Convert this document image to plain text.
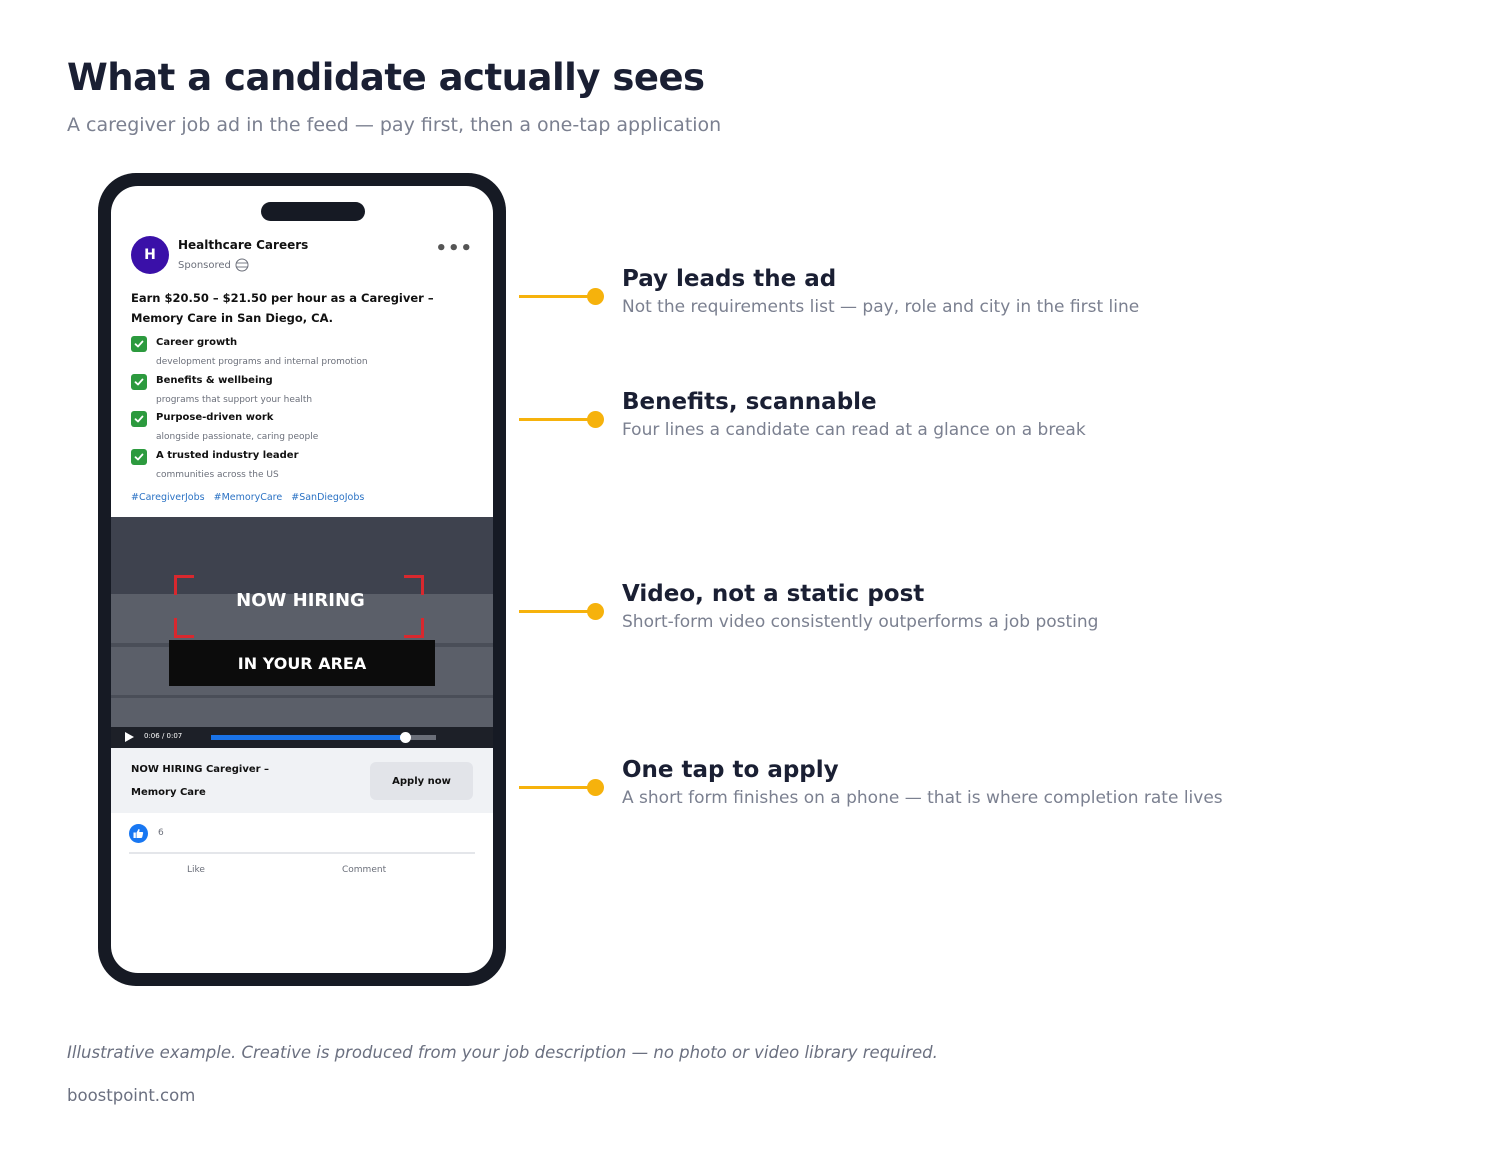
What a candidate actually sees
A caregiver job ad in the feed — pay first, then a one-tap application
H
Healthcare Careers
Sponsored
•••
Earn $20.50 – $21.50 per hour as a Caregiver – Memory Care in San Diego, CA.
Career growth
development programs and internal promotion
Benefits & wellbeing
programs that support your health
Purpose-driven work
alongside passionate, caring people
A trusted industry leader
communities across the US
#CaregiverJobs #MemoryCare #SanDiegoJobs
NOW HIRING
IN YOUR AREA
0:06 / 0:07
NOW HIRING Caregiver – Memory Care
Apply now
6
Like	Comment
Pay leads the ad
Not the requirements list — pay, role and city in the first line
Benefits, scannable
Four lines a candidate can read at a glance on a break
Video, not a static post
Short-form video consistently outperforms a job posting
One tap to apply
A short form finishes on a phone — that is where completion rate lives
Illustrative example. Creative is produced from your job description — no photo or video library required.
boostpoint.com
